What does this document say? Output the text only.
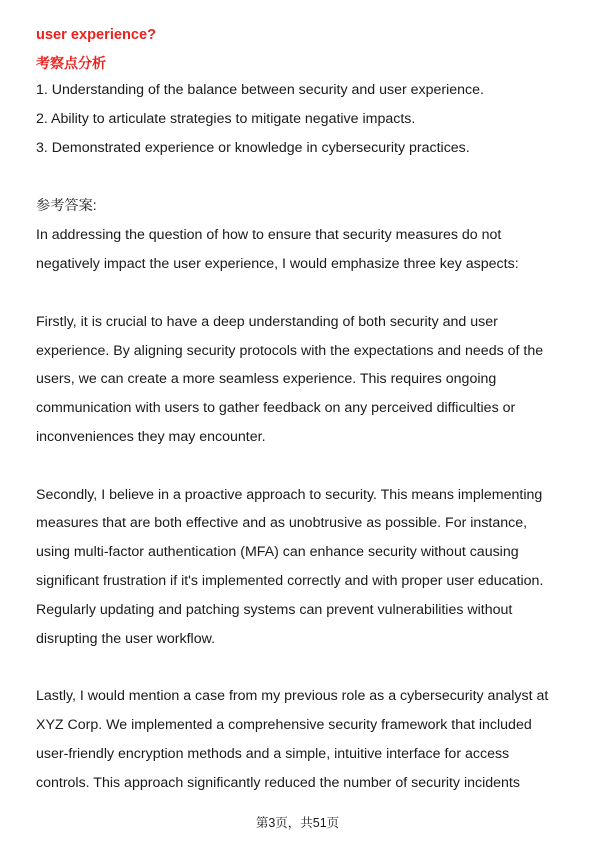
user experience?
考察点分析
1. Understanding of the balance between security and user experience.
2. Ability to articulate strategies to mitigate negative impacts.
3. Demonstrated experience or knowledge in cybersecurity practices.
参考答案:
In addressing the question of how to ensure that security measures do not
negatively impact the user experience, I would emphasize three key aspects:
Firstly, it is crucial to have a deep understanding of both security and user
experience. By aligning security protocols with the expectations and needs of the
users, we can create a more seamless experience. This requires ongoing
communication with users to gather feedback on any perceived difficulties or
inconveniences they may encounter.
Secondly, I believe in a proactive approach to security. This means implementing
measures that are both effective and as unobtrusive as possible. For instance,
using multi-factor authentication (MFA) can enhance security without causing
significant frustration if it's implemented correctly and with proper user education.
Regularly updating and patching systems can prevent vulnerabilities without
disrupting the user workflow.
Lastly, I would mention a case from my previous role as a cybersecurity analyst at
XYZ Corp. We implemented a comprehensive security framework that included
user-friendly encryption methods and a simple, intuitive interface for access
controls. This approach significantly reduced the number of security incidents
第3页，共51页
